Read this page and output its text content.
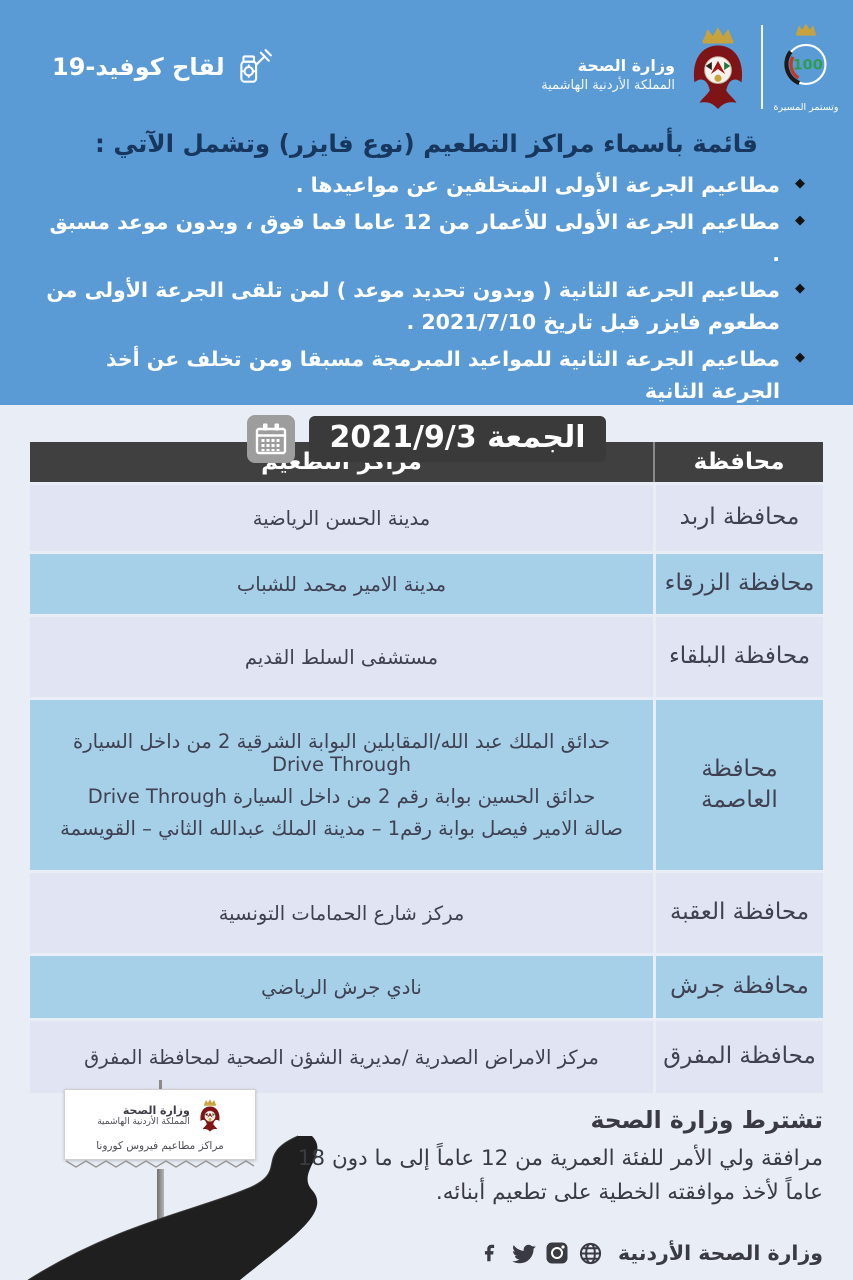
100
وتستمر المسيرة
وزارة الصحة
المملكة الأردنية الهاشمية
لقاح كوفيد-19
قائمة بأسماء مراكز التطعيم (نوع فايزر) وتشمل الآتي :
◆ مطاعيم الجرعة الأولى المتخلفين عن مواعيدها .
◆ مطاعيم الجرعة الأولى للأعمار من 12 عاما فما فوق ، وبدون موعد مسبق .
◆ مطاعيم الجرعة الثانية ( وبدون تحديد موعد ) لمن تلقى الجرعة الأولى من مطعوم فايزر قبل تاريخ 2021/7/10 .
◆ مطاعيم الجرعة الثانية للمواعيد المبرمجة مسبقا ومن تخلف عن أخذ الجرعة الثانية
الجمعة 2021/9/3
محافظة	التطعيم
محافظة اربد	مدينة الحسن الرياضية

محافظة الزرقاء	مدينة الامير محمد للشباب

محافظة البلقاء	مستشفى السلط القديم

محافظة العاصمة	حدائق الملك عبد الله/المقابلين البوابة الشرقية 2 من داخل السيارة Drive Through
حدائق الحسين بوابة رقم 2 من داخل السيارة Drive Through
صالة الامير فيصل بوابة رقم1 – مدينة الملك عبدالله الثاني – القويسمة

محافظة العقبة	مركز شارع الحمامات التونسية

محافظة جرش	نادي جرش الرياضي

محافظة المفرق	مركز الامراض الصدرية /مديرية الشؤن الصحية لمحافظة المفرق
وزارة الصحة
المملكة الأردنية الهاشمية
مراكز مطاعيم فيروس كورونا
تشترط وزارة الصحة
مرافقة ولي الأمر للفئة العمرية من 12 عاماً إلى ما دون 18 عاماً لأخذ موافقته الخطية على تطعيم أبنائه.
وزارة الصحة الأردنية
